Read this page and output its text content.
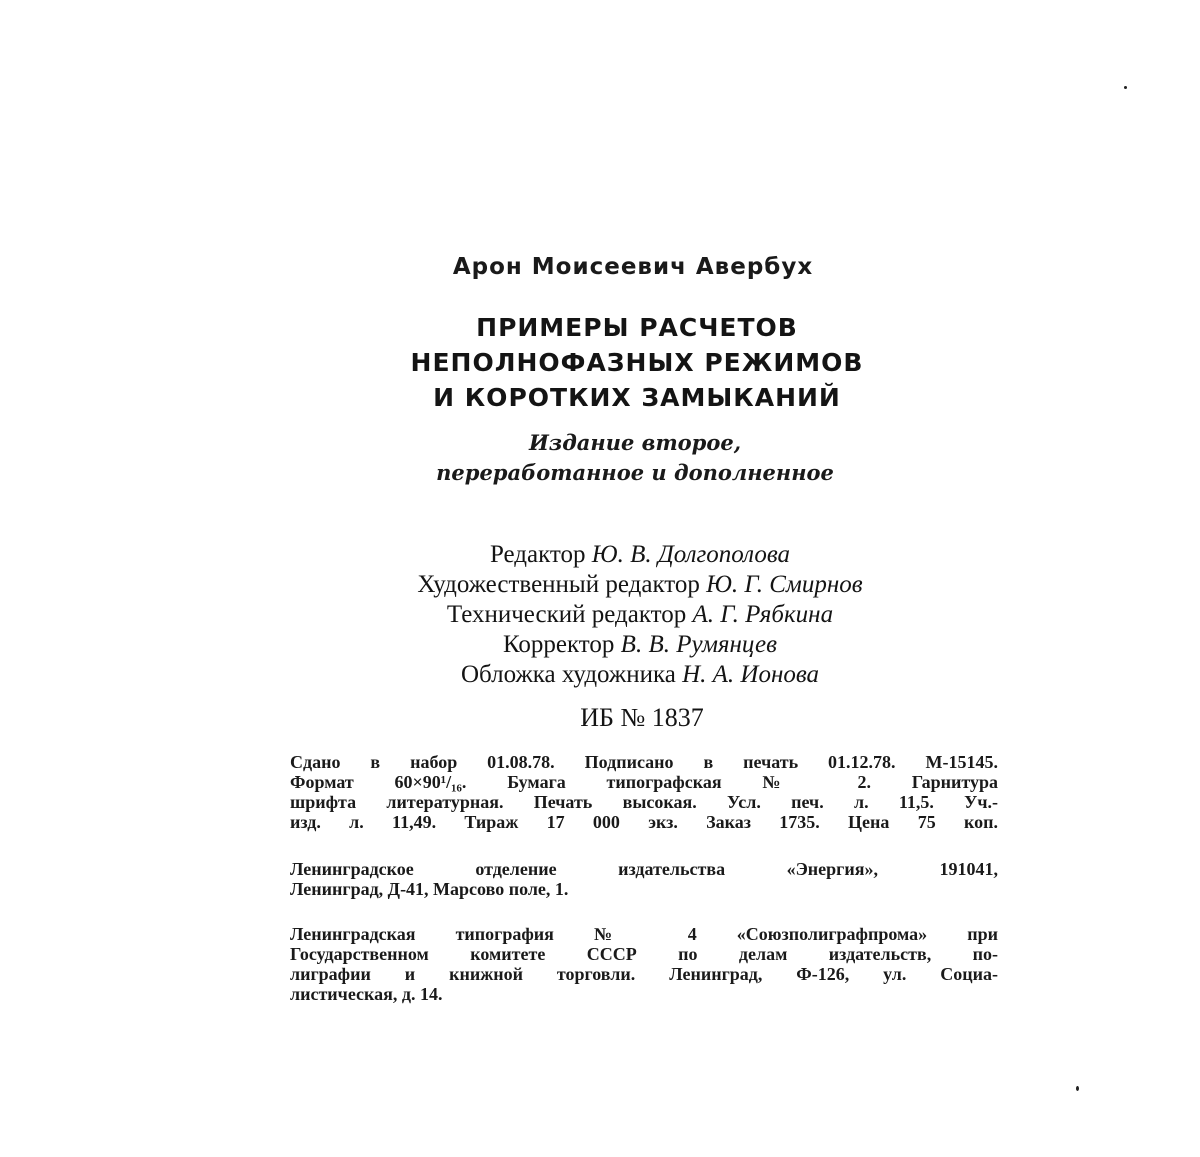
Арон Моисеевич Авербух
ПРИМЕРЫ РАСЧЕТОВ
НЕПОЛНОФАЗНЫХ РЕЖИМОВ
И КОРОТКИХ ЗАМЫКАНИЙ
Издание второе,
переработанное и дополненное
Редактор Ю. В. Долгополова
Художественный редактор Ю. Г. Смирнов
Технический редактор А. Г. Рябкина
Корректор В. В. Румянцев
Обложка художника Н. А. Ионова
ИБ № 1837
Сдано в набор 01.08.78. Подписано в печать 01.12.78. М-15145.
Формат 60×90¹/₁₆. Бумага типографская № 2. Гарнитура
шрифта литературная. Печать высокая. Усл. печ. л. 11,5. Уч.-
изд. л. 11,49. Тираж 17 000 экз. Заказ 1735. Цена 75 коп.
Ленинградское отделение издательства «Энергия», 191041,
Ленинград, Д-41, Марсово поле, 1.
Ленинградская типография № 4 «Союзполиграфпрома» при
Государственном комитете СССР по делам издательств, по-
лиграфии и книжной торговли. Ленинград, Ф-126, ул. Социа-
листическая, д. 14.
